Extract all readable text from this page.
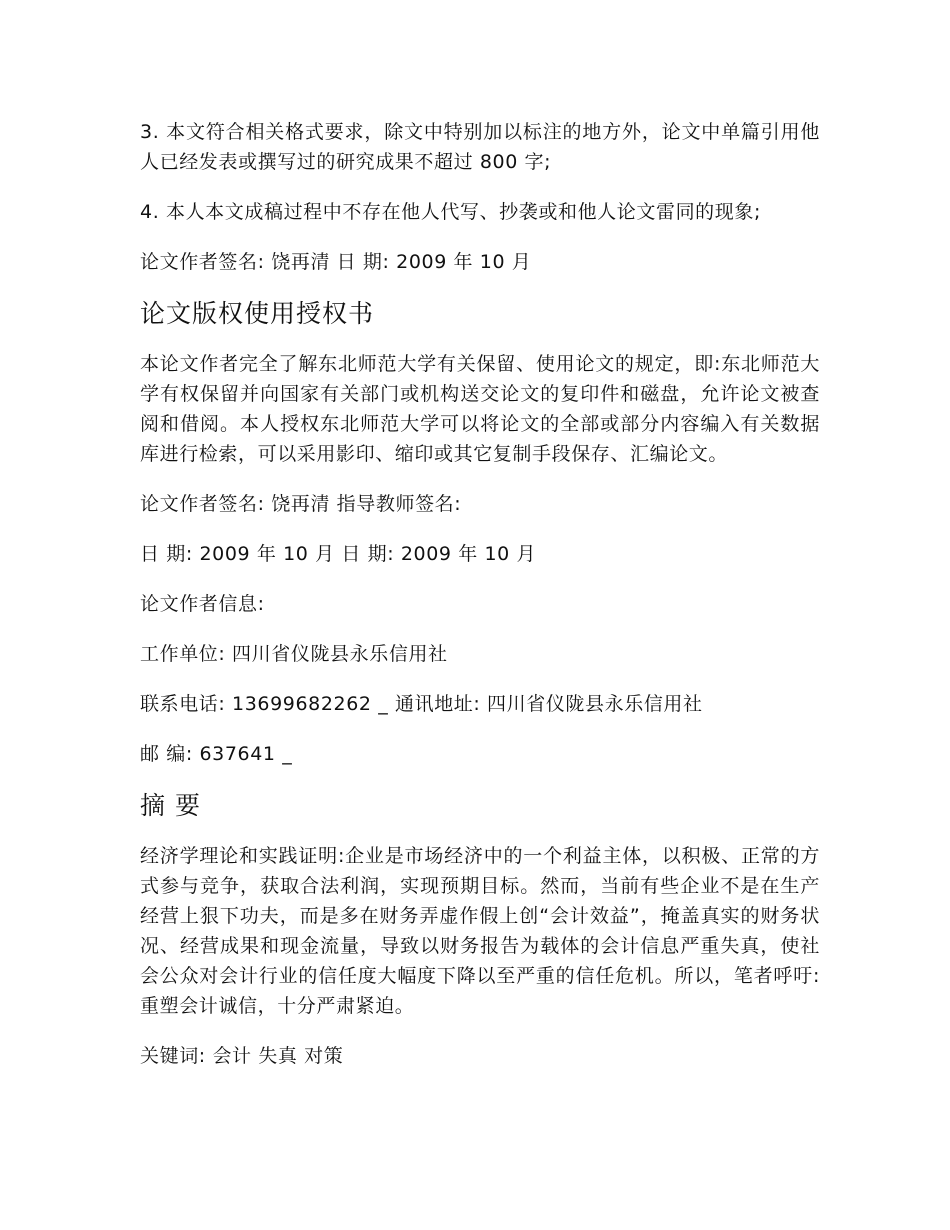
3. 本文符合相关格式要求，除文中特别加以标注的地方外，论文中单篇引用他人已经发表或撰写过的研究成果不超过 800 字;

4. 本人本文成稿过程中不存在他人代写、抄袭或和他人论文雷同的现象;

论文作者签名: 饶再清 日 期: 2009 年 10 月

论文版权使用授权书

本论文作者完全了解东北师范大学有关保留、使用论文的规定，即:东北师范大学有权保留并向国家有关部门或机构送交论文的复印件和磁盘，允许论文被查阅和借阅。本人授权东北师范大学可以将论文的全部或部分内容编入有关数据库进行检索，可以采用影印、缩印或其它复制手段保存、汇编论文。

论文作者签名: 饶再清 指导教师签名:

日 期: 2009 年 10 月 日 期: 2009 年 10 月

论文作者信息:

工作单位: 四川省仪陇县永乐信用社

联系电话: 13699682262 _ 通讯地址: 四川省仪陇县永乐信用社

邮 编: 637641 _

摘 要

经济学理论和实践证明:企业是市场经济中的一个利益主体，以积极、正常的方式参与竞争，获取合法利润，实现预期目标。然而，当前有些企业不是在生产经营上狠下功夫，而是多在财务弄虚作假上创“会计效益”，掩盖真实的财务状况、经营成果和现金流量，导致以财务报告为载体的会计信息严重失真，使社会公众对会计行业的信任度大幅度下降以至严重的信任危机。所以，笔者呼吁:重塑会计诚信，十分严肃紧迫。

关键词: 会计 失真 对策
